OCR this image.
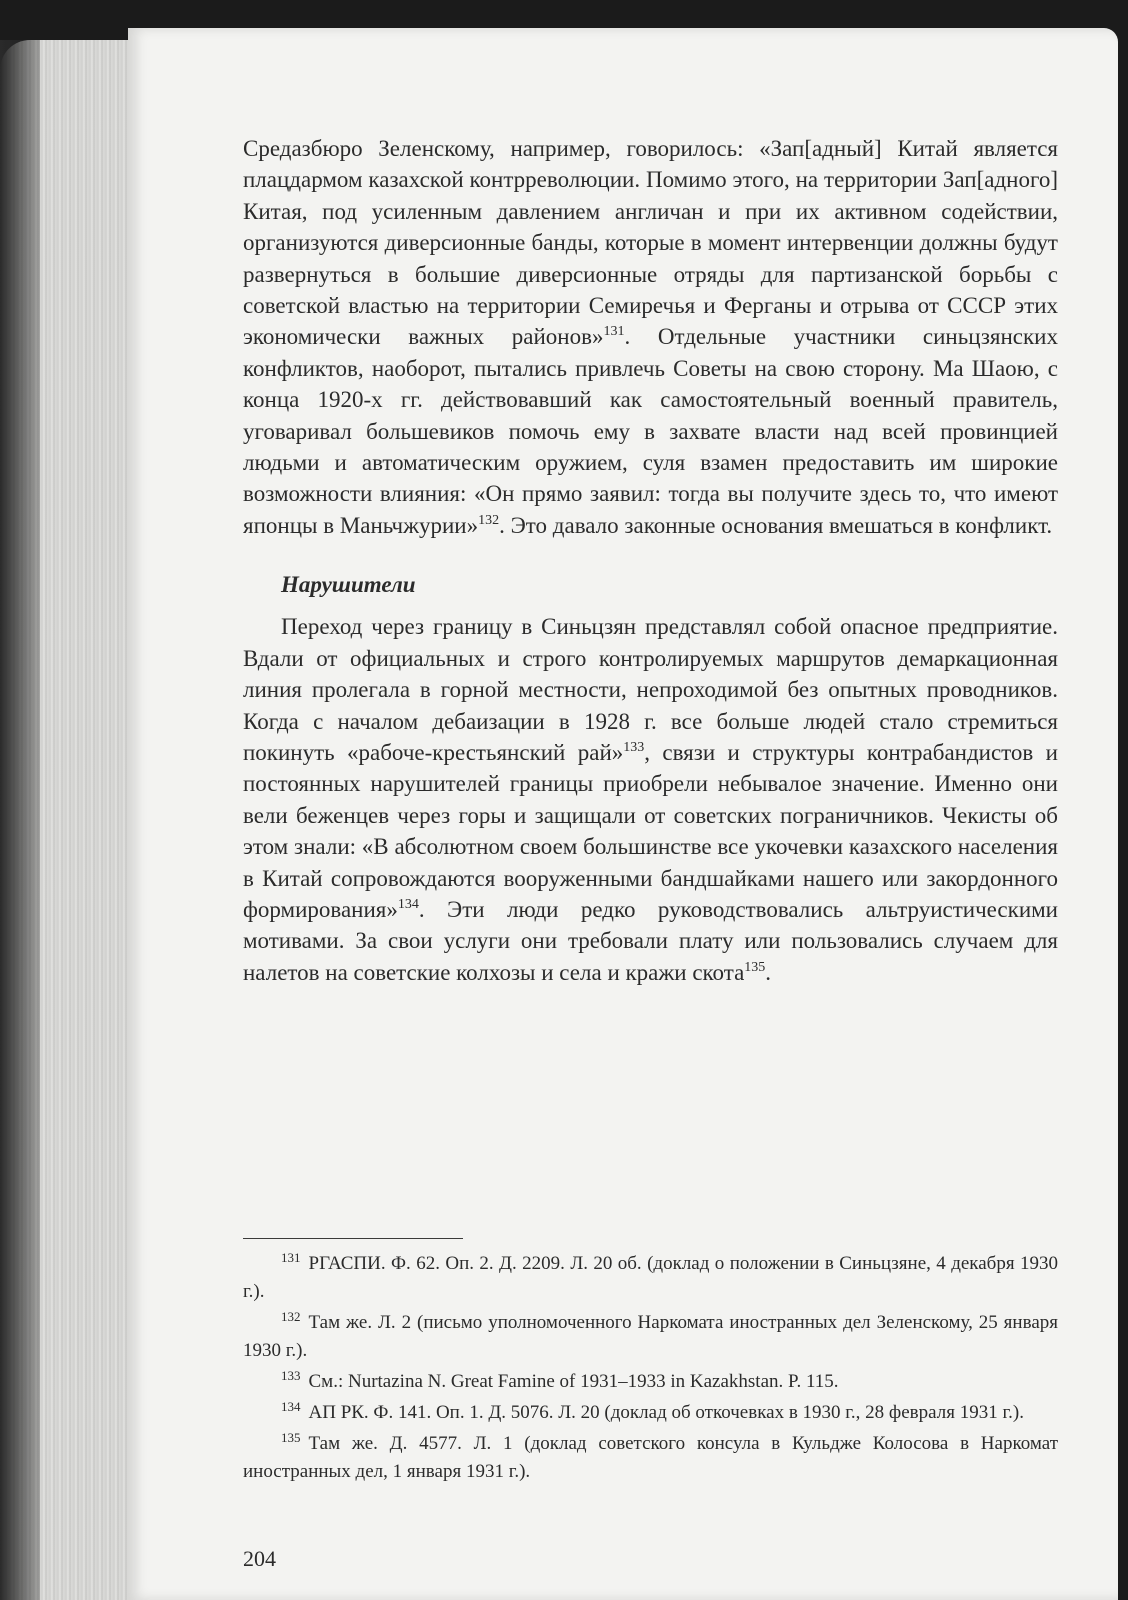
Средазбюро Зеленскому, например, говорилось: «Зап[адный] Китай является плацдармом казахской контрреволюции. Помимо этого, на территории Зап[адного] Китая, под усиленным давлением англичан и при их активном содействии, организуются диверсионные банды, которые в момент интервенции должны будут развернуться в большие диверсионные отряды для партизанской борьбы с советской властью на территории Семиречья и Ферганы и отрыва от СССР этих экономически важных районов»$^{131}$. Отдельные участники синьцзянских конфликтов, наоборот, пытались привлечь Советы на свою сторону. Ма Шаою, с конца 1920-х гг. действовавший как самостоятельный военный правитель, уговаривал большевиков помочь ему в захвате власти над всей провинцией людьми и автоматическим оружием, суля взамен предоставить им широкие возможности влияния: «Он прямо заявил: тогда вы получите здесь то, что имеют японцы в Маньчжурии»$^{132}$. Это давало законные основания вмешаться в конфликт.

Нарушители

Переход через границу в Синьцзян представлял собой опасное предприятие. Вдали от официальных и строго контролируемых маршрутов демаркационная линия пролегала в горной местности, непроходимой без опытных проводников. Когда с началом дебаизации в 1928 г. все больше людей стало стремиться покинуть «рабоче-крестьянский рай»$^{133}$, связи и структуры контрабандистов и постоянных нарушителей границы приобрели небывалое значение. Именно они вели беженцев через горы и защищали от советских пограничников. Чекисты об этом знали: «В абсолютном своем большинстве все укочевки казахского населения в Китай сопровождаются вооруженными бандшайками нашего или закордонного формирования»$^{134}$. Эти люди редко руководствовались альтруистическими мотивами. За свои услуги они требовали плату или пользовались случаем для налетов на советские колхозы и села и кражи скота$^{135}$.

$^{131}$ РГАСПИ. Ф. 62. Оп. 2. Д. 2209. Л. 20 об. (доклад о положении в Синьцзяне, 4 декабря 1930 г.).

$^{132}$ Там же. Л. 2 (письмо уполномоченного Наркомата иностранных дел Зеленскому, 25 января 1930 г.).

$^{133}$ См.: Nurtazina N. Great Famine of 1931–1933 in Kazakhstan. P. 115.

$^{134}$ АП РК. Ф. 141. Оп. 1. Д. 5076. Л. 20 (доклад об откочевках в 1930 г., 28 февраля 1931 г.).

$^{135}$ Там же. Д. 4577. Л. 1 (доклад советского консула в Кульдже Колосова в Наркомат иностранных дел, 1 января 1931 г.).

204
